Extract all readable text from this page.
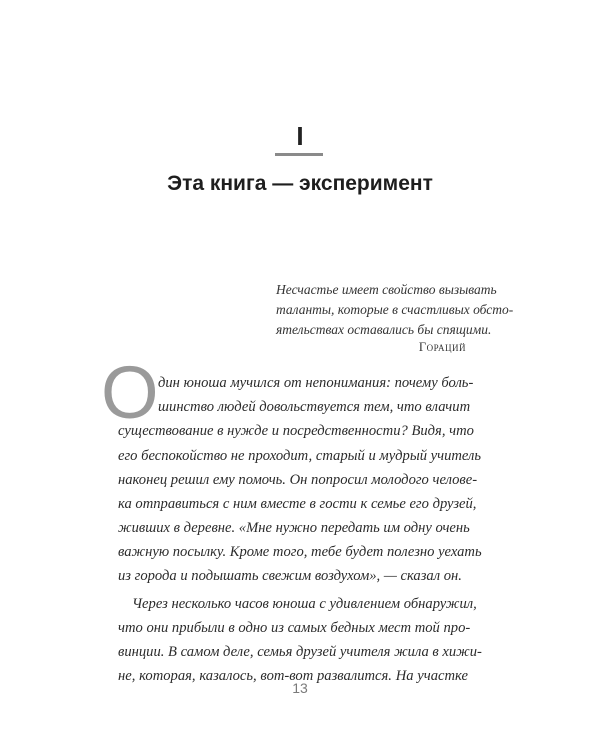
I
Эта книга — эксперимент
Несчастье имеет свойство вызывать
таланты, которые в счастливых обсто-
ятельствах оставались бы спящими.
Гораций
О дин юноша мучился от непонимания: почему боль-
шинство людей довольствуется тем, что влачит
существование в нужде и посредственности? Видя, что
его беспокойство не проходит, старый и мудрый учитель
наконец решил ему помочь. Он попросил молодого челове-
ка отправиться с ним вместе в гости к семье его друзей,
живших в деревне. «Мне нужно передать им одну очень
важную посылку. Кроме того, тебе будет полезно уехать
из города и подышать свежим воздухом», — сказал он.
Через несколько часов юноша с удивлением обнаружил,
что они прибыли в одно из самых бедных мест той про-
винции. В самом деле, семья друзей учителя жила в хижи-
не, которая, казалось, вот-вот развалится. На участке
13
